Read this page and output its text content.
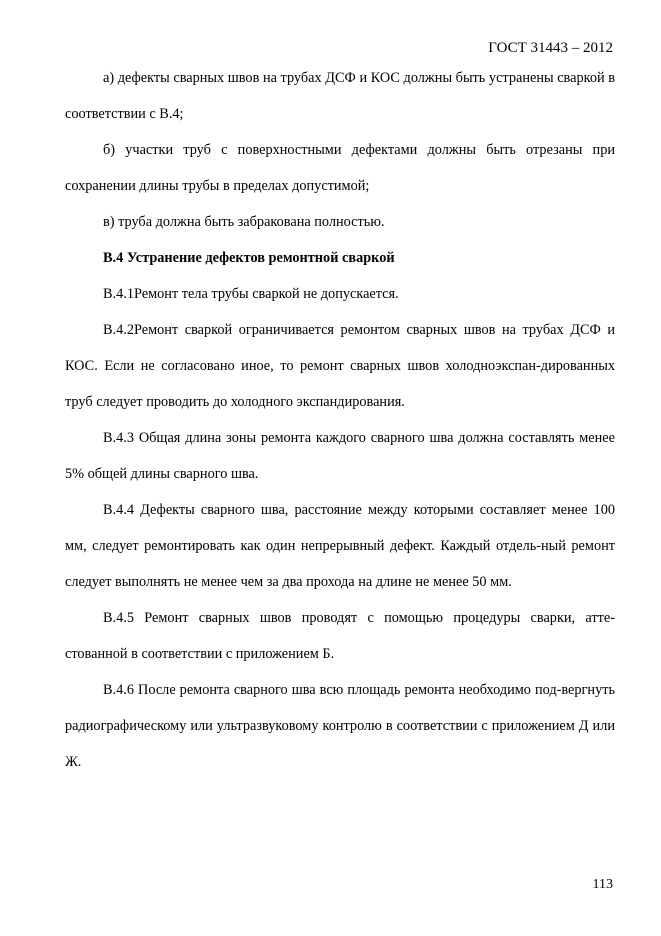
ГОСТ 31443 – 2012

а) дефекты сварных швов на трубах ДСФ и КОС должны быть устранены сваркой в соответствии с В.4;

б) участки труб с поверхностными дефектами должны быть отрезаны при сохранении длины трубы в пределах допустимой;

в) труба должна быть забракована полностью.

В.4 Устранение дефектов ремонтной сваркой

В.4.1Ремонт тела трубы сваркой не допускается.

В.4.2Ремонт сваркой ограничивается ремонтом сварных швов на трубах ДСФ и КОС. Если не согласовано иное, то ремонт сварных швов холодноэкспан-дированных труб следует проводить до холодного экспандирования.

В.4.3 Общая длина зоны ремонта каждого сварного шва должна составлять менее 5% общей длины сварного шва.

В.4.4 Дефекты сварного шва, расстояние между которыми составляет менее 100 мм, следует ремонтировать как один непрерывный дефект. Каждый отдель-ный ремонт следует выполнять не менее чем за два прохода на длине не менее 50 мм.

В.4.5 Ремонт сварных швов проводят с помощью процедуры сварки, атте-стованной в соответствии с приложением Б.

В.4.6 После ремонта сварного шва всю площадь ремонта необходимо под-вергнуть радиографическому или ультразвуковому контролю в соответствии с приложением Д или Ж.

113
